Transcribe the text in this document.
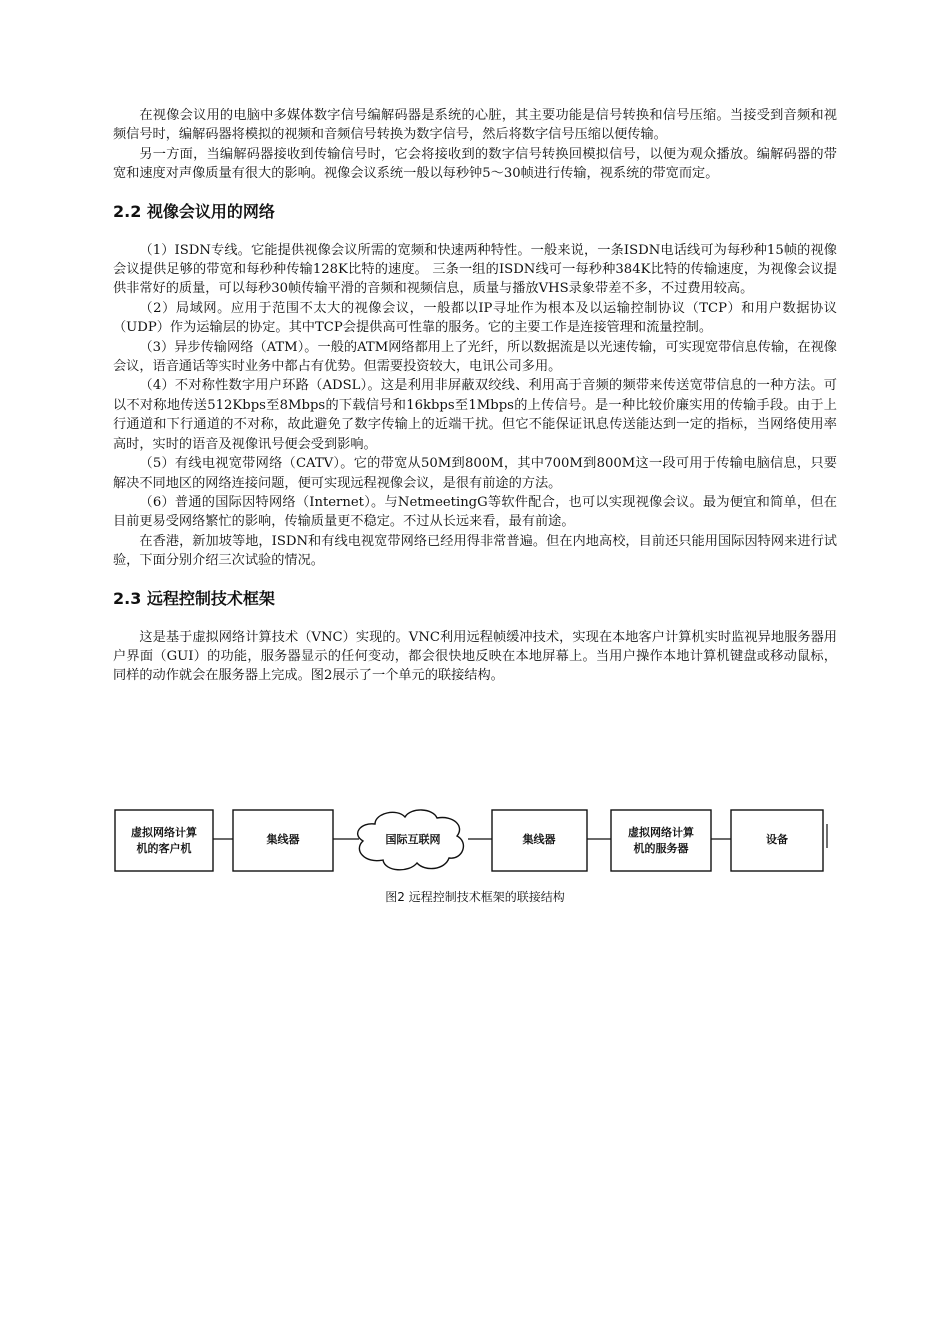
在视像会议用的电脑中多媒体数字信号编解码器是系统的心脏，其主要功能是信号转换和信号压缩。当接受到音频和视频信号时，编解码器将模拟的视频和音频信号转换为数字信号，然后将数字信号压缩以便传输。

另一方面，当编解码器接收到传输信号时，它会将接收到的数字信号转换回模拟信号，以便为观众播放。编解码器的带宽和速度对声像质量有很大的影响。视像会议系统一般以每秒钟5～30帧进行传输，视系统的带宽而定。

2.2 视像会议用的网络

（1）ISDN专线。它能提供视像会议所需的宽频和快速两种特性。一般来说，一条ISDN电话线可为每秒种15帧的视像会议提供足够的带宽和每秒种传输128K比特的速度。 三条一组的ISDN线可一每秒种384K比特的传输速度，为视像会议提供非常好的质量，可以每秒30帧传输平滑的音频和视频信息，质量与播放VHS录象带差不多，不过费用较高。

（2）局域网。应用于范围不太大的视像会议，一般都以IP寻址作为根本及以运输控制协议（TCP）和用户数据协议（UDP）作为运输层的协定。其中TCP会提供高可性靠的服务。它的主要工作是连接管理和流量控制。

（3）异步传输网络（ATM）。一般的ATM网络都用上了光纤，所以数据流是以光速传输，可实现宽带信息传输，在视像会议，语音通话等实时业务中都占有优势。但需要投资较大，电讯公司多用。

（4）不对称性数字用户环路（ADSL）。这是利用非屏蔽双绞线、利用高于音频的频带来传送宽带信息的一种方法。可以不对称地传送512Kbps至8Mbps的下载信号和16kbps至1Mbps的上传信号。是一种比较价廉实用的传输手段。由于上行通道和下行通道的不对称，故此避免了数字传输上的近端干扰。但它不能保证讯息传送能达到一定的指标，当网络使用率高时，实时的语音及视像讯号便会受到影响。

（5）有线电视宽带网络（CATV）。它的带宽从50M到800M，其中700M到800M这一段可用于传输电脑信息，只要解决不同地区的网络连接问题，便可实现远程视像会议，是很有前途的方法。

（6）普通的国际因特网络（Internet）。与NetmeetingG等软件配合，也可以实现视像会议。最为便宜和简单，但在目前更易受网络繁忙的影响，传输质量更不稳定。不过从长远来看，最有前途。

在香港，新加坡等地，ISDN和有线电视宽带网络已经用得非常普遍。但在内地高校，目前还只能用国际因特网来进行试验，下面分别介绍三次试验的情况。

2.3 远程控制技术框架

这是基于虚拟网络计算技术（VNC）实现的。VNC利用远程帧缓冲技术，实现在本地客户计算机实时监视异地服务器用户界面（GUI）的功能，服务器显示的任何变动，都会很快地反映在本地屏幕上。当用户操作本地计算机键盘或移动鼠标，同样的动作就会在服务器上完成。图2展示了一个单元的联接结构。

虚拟网络计算
机的客户机
集线器	国际互联网	集线器
虚拟网络计算
机的服务器
设备
图2 远程控制技术框架的联接结构
